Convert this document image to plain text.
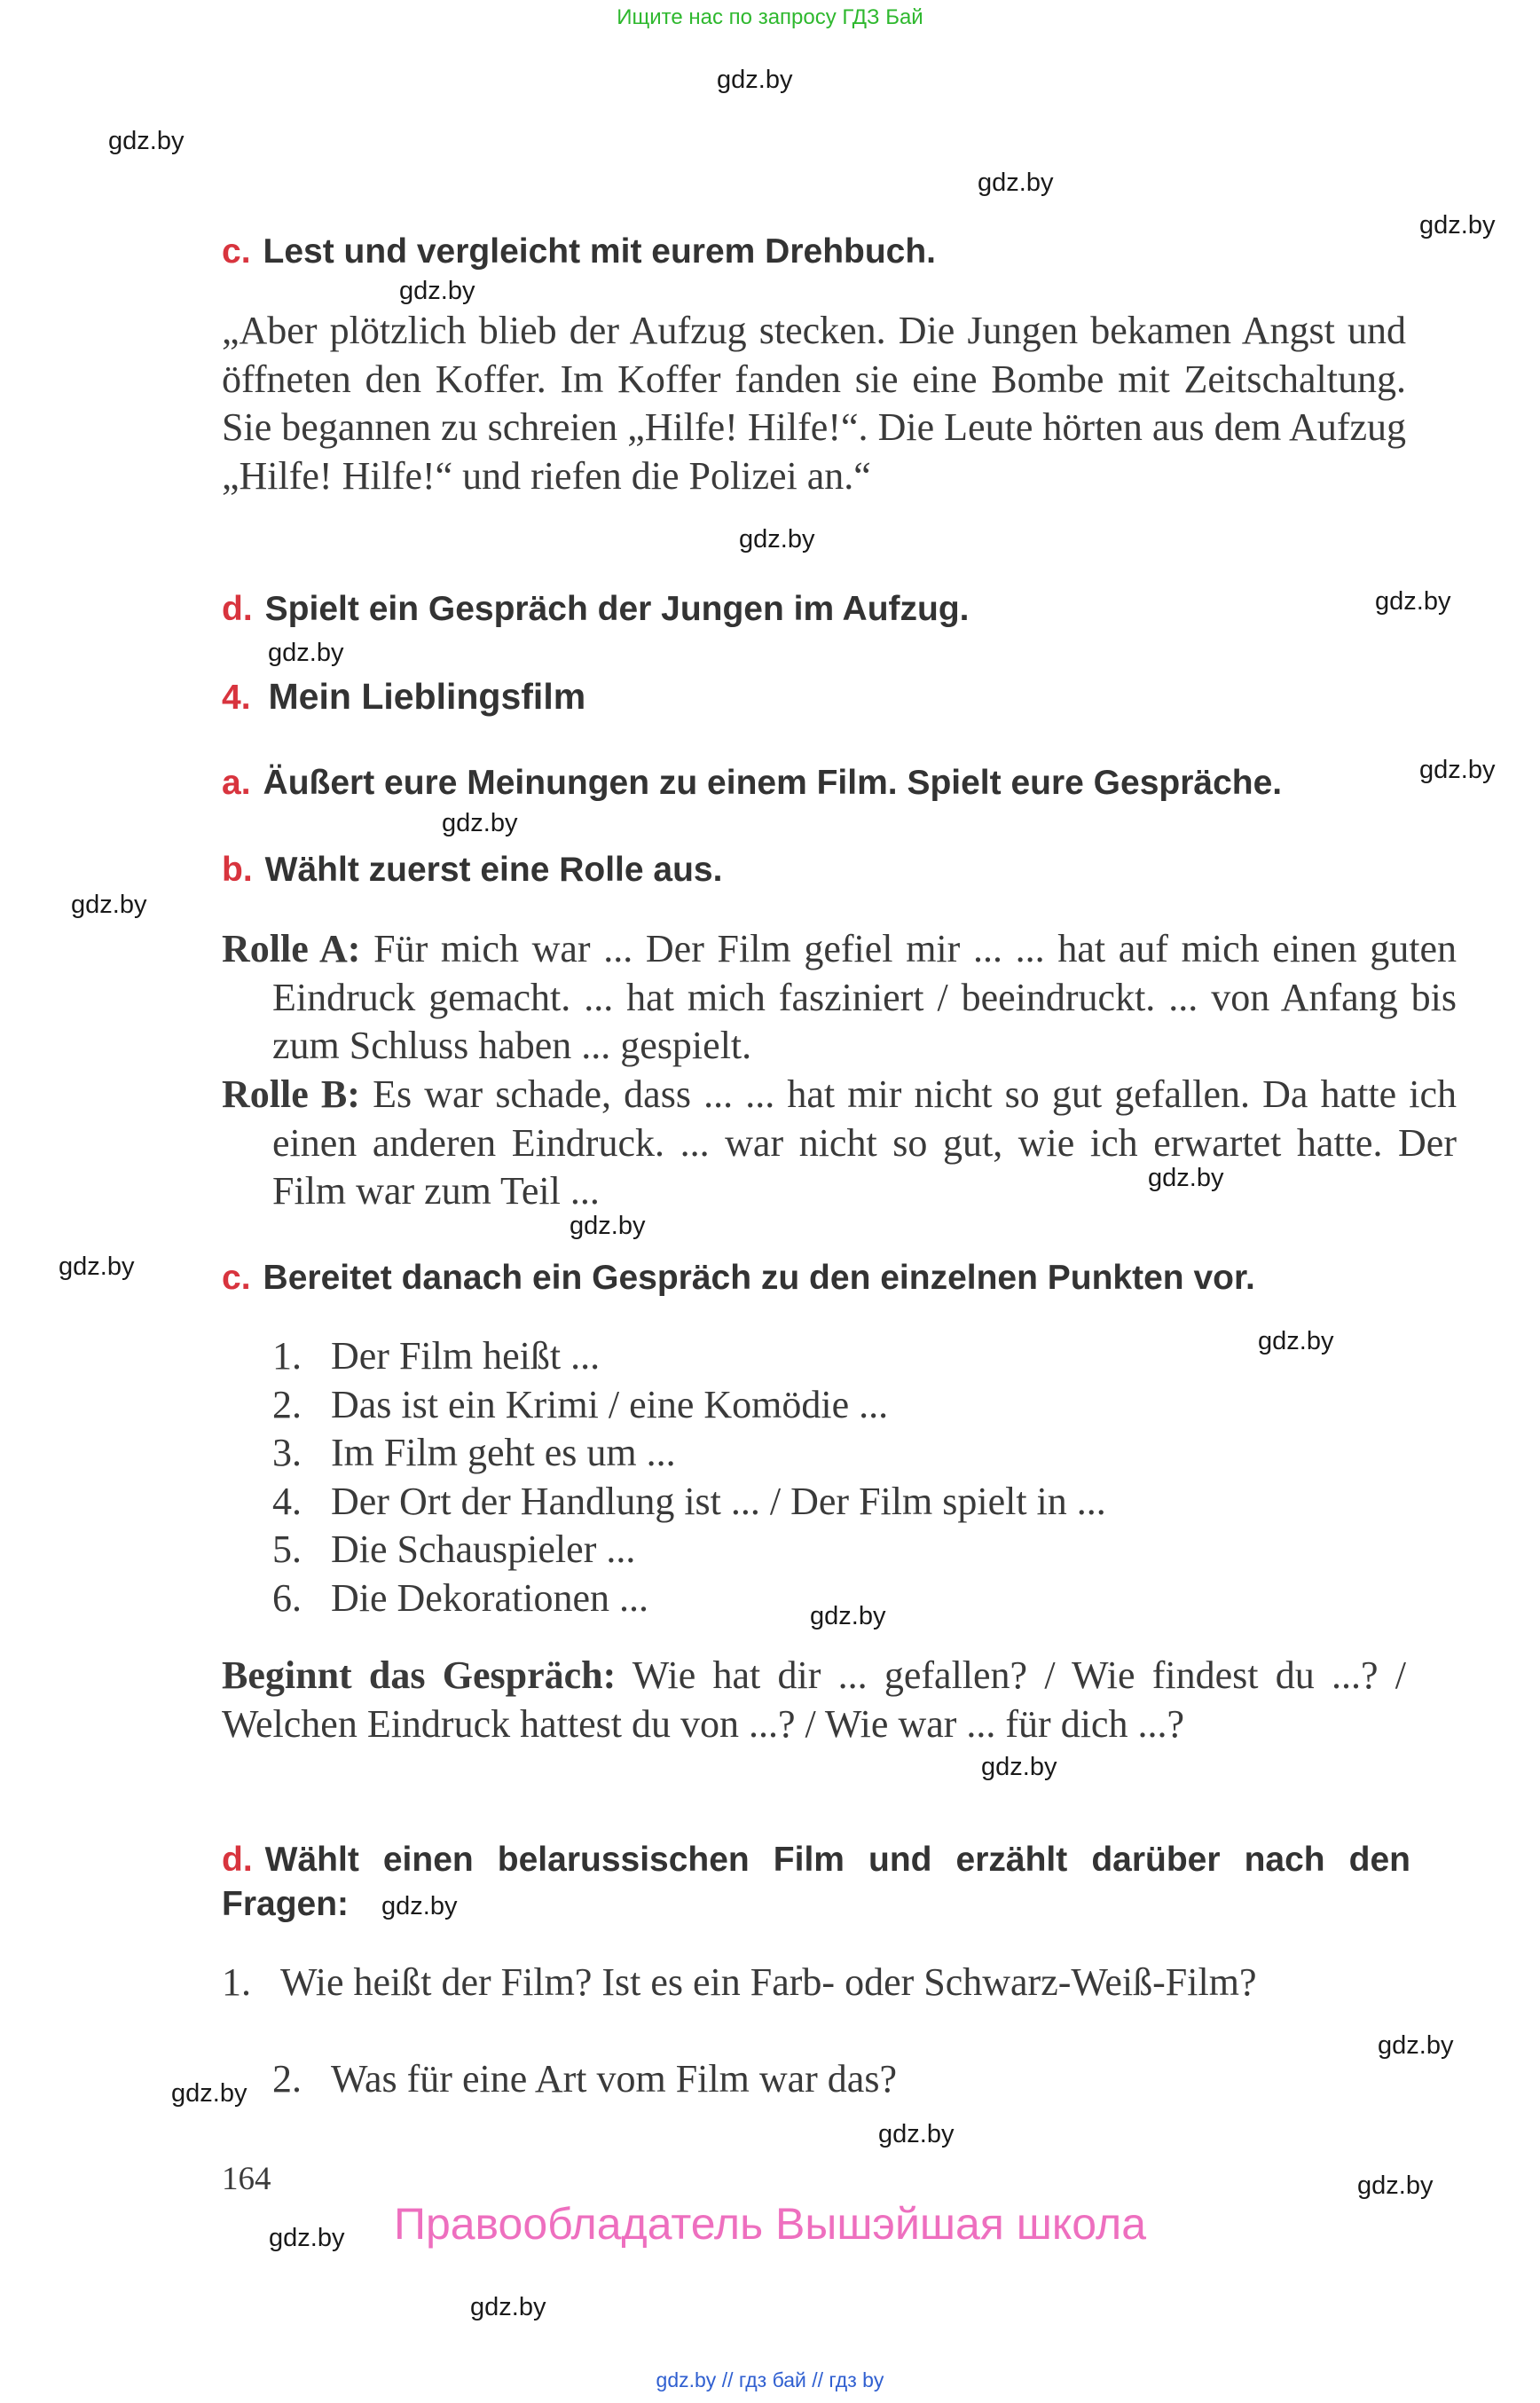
Ищите нас по запросу ГДЗ Бай
gdz.by
gdz.by
gdz.by
gdz.by
gdz.by
gdz.by
gdz.by
gdz.by
gdz.by
gdz.by
gdz.by
gdz.by
gdz.by
gdz.by
gdz.by
gdz.by
gdz.by
gdz.by
gdz.by
gdz.by
gdz.by
gdz.by
gdz.by
gdz.by
c. Lest und vergleicht mit eurem Drehbuch.
„Aber plötzlich blieb der Aufzug stecken. Die Jungen bekamen Angst und öffneten den Koffer. Im Koffer fanden sie eine Bombe mit Zeitschaltung. Sie begannen zu schreien „Hilfe! Hilfe!“. Die Leute hörten aus dem Aufzug „Hilfe! Hilfe!“ und riefen die Polizei an.“
d. Spielt ein Gespräch der Jungen im Aufzug.
4. Mein Lieblingsfilm
a. Äußert eure Meinungen zu einem Film. Spielt eure Gespräche.
b. Wählt zuerst eine Rolle aus.
Rolle A: Für mich war ... Der Film gefiel mir ... ... hat auf mich einen guten Eindruck gemacht. ... hat mich fasziniert / beeindruckt. ... von Anfang bis zum Schluss haben ... gespielt.
Rolle B: Es war schade, dass ... ... hat mir nicht so gut gefallen. Da hatte ich einen anderen Eindruck. ... war nicht so gut, wie ich erwartet hatte. Der Film war zum Teil ...
c. Bereitet danach ein Gespräch zu den einzelnen Punkten vor.
1. Der Film heißt ...
2. Das ist ein Krimi / eine Komödie ...
3. Im Film geht es um ...
4. Der Ort der Handlung ist ... / Der Film spielt in ...
5. Die Schauspieler ...
6. Die Dekorationen ...
Beginnt das Gespräch: Wie hat dir ... gefallen? / Wie findest du ...? / Welchen Eindruck hattest du von ...? / Wie war ... für dich ...?
d. Wählt einen belarussischen Film und erzählt darüber nach den Fragen:
1. Wie heißt der Film? Ist es ein Farb- oder Schwarz-Weiß-Film?
2. Was für eine Art vom Film war das?
164
Правообладатель Вышэйшая школа
gdz.by // гдз бай // гдз by
